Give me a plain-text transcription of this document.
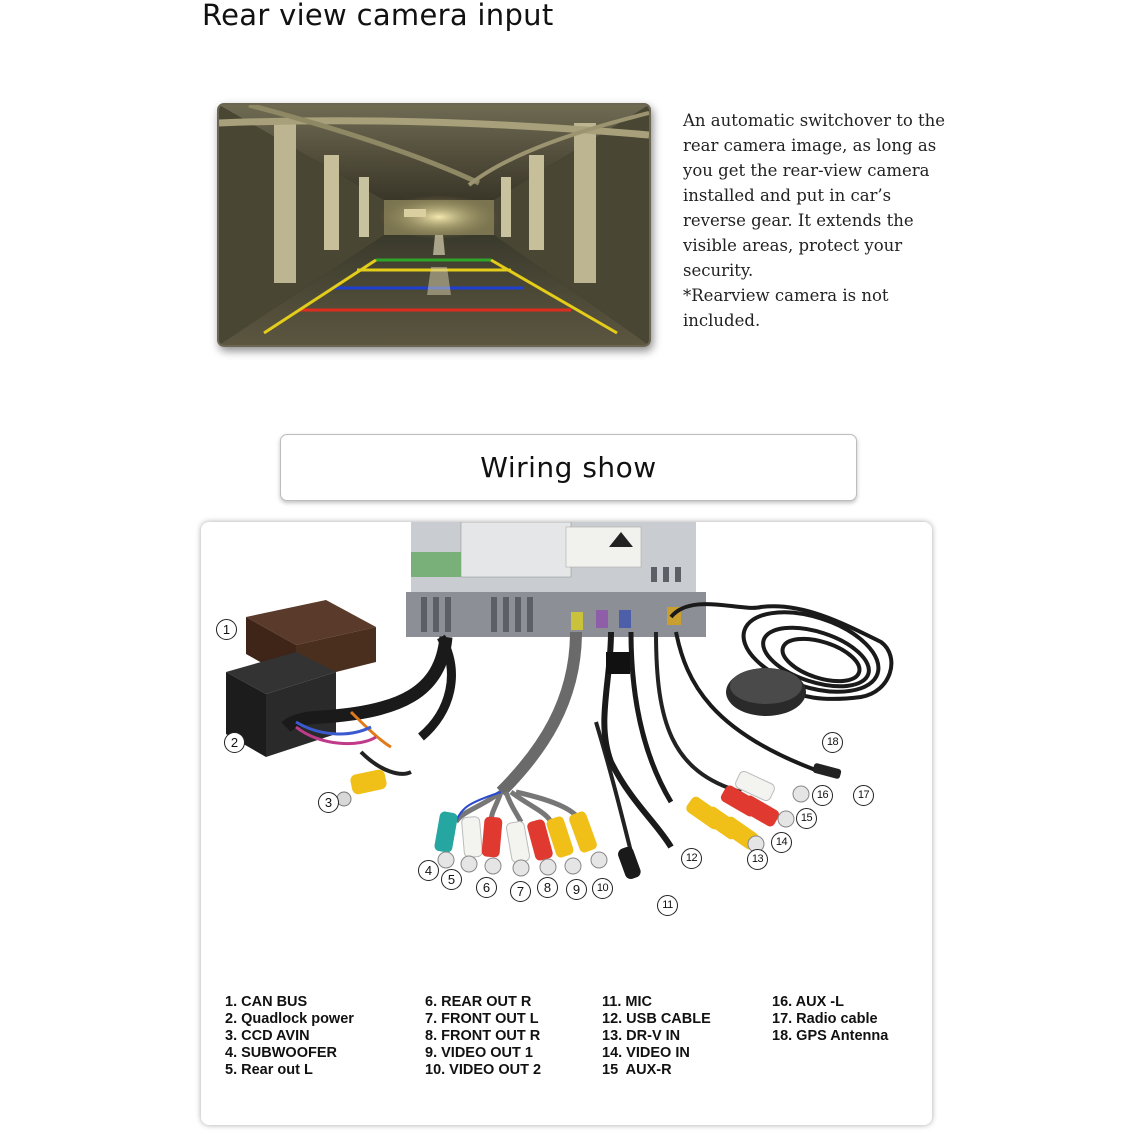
Rear view camera input

An automatic switchover to the rear camera image, as long as you get the rear-view camera installed and put in car’s reverse gear. It extends the visible areas, protect your security.

*Rearview camera is not included.

Wiring show
1
2
3
4
5
6	7	8	9	10
11
12	13
14
15
16	17
18
1. CAN BUS
2. Quadlock power
3. CCD AVIN
4. SUBWOOFER
5. Rear out L
6. REAR OUT R
7. FRONT OUT L
8. FRONT OUT R
9. VIDEO OUT 1
10. VIDEO OUT 2
11. MIC
12. USB CABLE
13. DR-V IN
14. VIDEO IN
15  AUX-R
16. AUX -L
17. Radio cable
18. GPS Antenna
